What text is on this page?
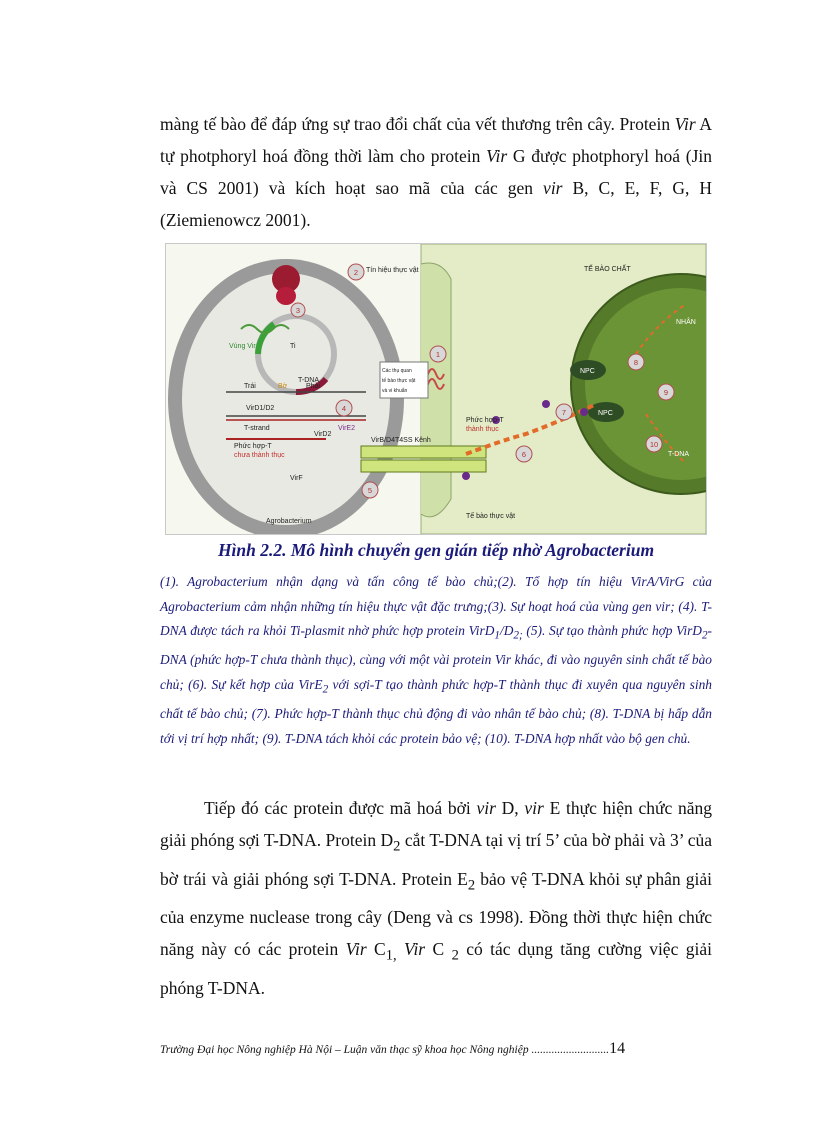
màng tế bào để đáp ứng sự trao đổi chất của vết thương trên cây. Protein Vir A tự photphoryl hoá đồng thời làm cho protein Vir G được photphoryl hoá (Jin và CS 2001) và kích hoạt sao mã của các gen vir B, C, E, F, G, H (Ziemienowcz 2001).

2
3
1
4
5
6
7
8
9
10
TẾ BÀO CHẤT
NHÂN
Tín hiệu thực vật
Vùng Vir	Ti
T-DNA
Trái	Bờ	Phải
VirD1/D2
T-strand
VirD2
VirE2
Phức hợp-T
chưa thành thục
VirB/D4T4SS Kênh
Phức hợp-T
thành thục
VirF
NPC
NPC
T-DNA
Agrobacterium
Tế bào thực vật
Các thụ quan
tế bào thực vật
và vi khuẩn

Hình 2.2. Mô hình chuyển gen gián tiếp nhờ Agrobacterium

(1). Agrobacterium nhận dạng và tấn công tế bào chủ;(2). Tổ hợp tín hiệu VirA/VirG của Agrobacterium cảm nhận những tín hiệu thực vật đặc trưng;(3). Sự hoạt hoá của vùng gen vir; (4). T-DNA được tách ra khỏi Ti-plasmit nhờ phức hợp protein $VirD_1/D_{2;}$ (5). Sự tạo thành phức hợp VirD$_2$-DNA (phức hợp-T chưa thành thục), cùng với một vài protein Vir khác, đi vào nguyên sinh chất tế bào chủ; (6). Sự kết hợp của VirE$_2$ với sợi-T tạo thành phức hợp-T thành thục đi xuyên qua nguyên sinh chất tế bào chủ; (7). Phức hợp-T thành thục chủ động đi vào nhân tế bào chủ; (8). T-DNA bị hấp dẫn tới vị trí hợp nhất; (9). T-DNA tách khỏi các protein bảo vệ; (10). T-DNA hợp nhất vào bộ gen chủ.

Tiếp đó các protein được mã hoá bởi vir D, vir E thực hiện chức năng giải phóng sợi T-DNA. Protein $D_2$ cắt T-DNA tại vị trí 5’ của bờ phải và 3’ của bờ trái và giải phóng sợi T-DNA. Protein $E_2$ bảo vệ T-DNA khỏi sự phân giải của enzyme nuclease trong cây (Deng và cs 1998). Đồng thời thực hiện chức năng này có các protein Vir $C_{1,}$ Vir C $_2$ có tác dụng tăng cường việc giải phóng T-DNA.

Trường Đại học Nông nghiệp Hà Nội – Luận văn thạc sỹ khoa học Nông nghiệp ...........................14
